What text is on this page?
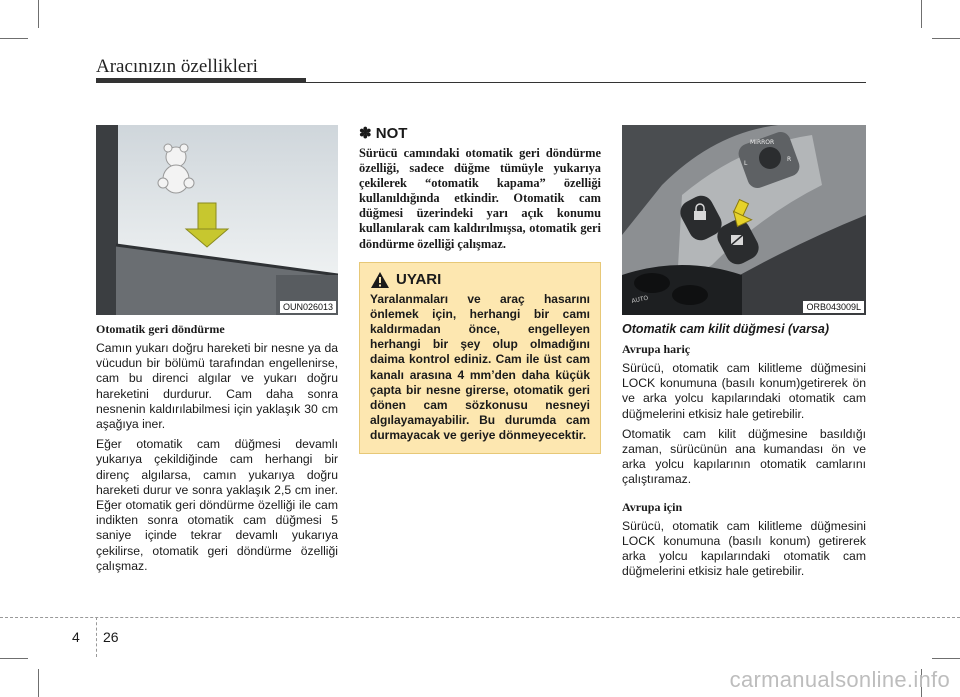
Aracınızın özellikleri
OUN026013
Otomatik geri döndürme
Camın yukarı doğru hareketi bir nesne ya da vücudun bir bölümü tarafından engellenirse, cam bu direnci algılar ve yukarı doğru hareketini durdurur. Cam daha sonra nesnenin kaldırılabilmesi için yaklaşık 30 cm aşağıya iner.
Eğer otomatik cam düğmesi devamlı yukarıya çekildiğinde cam herhangi bir direnç algılarsa, camın yukarıya doğru hareketi durur ve sonra yaklaşık 2,5 cm iner. Eğer otomatik geri döndürme özelliği ile cam indikten sonra otomatik cam düğmesi 5 saniye içinde tekrar devamlı yukarıya çekilirse, otomatik geri döndürme özelliği çalışmaz.
✽ NOT
Sürücü camındaki otomatik geri döndürme özelliği, sadece düğme tümüyle yukarıya çekilerek “otomatik kapama” özelliği kullanıldığında etkindir. Otomatik cam düğmesi üzerindeki yarı açık konumu kullanılarak cam kaldırılmışsa, otomatik geri döndürme özelliği çalışmaz.
UYARI
Yaralanmaları ve araç hasarını önlemek için, herhangi bir camı kaldırmadan önce, engelleyen herhangi bir şey olup olmadığını daima kontrol ediniz. Cam ile üst cam kanalı arasına 4 mm’den daha küçük çapta bir nesne girerse, otomatik geri dönen cam sözkonusu nesneyi algılayamayabilir. Bu durumda cam durmayacak ve geriye dönmeyecektir.
MIRROR
L
R
AUTO
ORB043009L
Otomatik cam kilit düğmesi (varsa)
Avrupa hariç
Sürücü, otomatik cam kilitleme düğmesini LOCK konumuna (basılı konum)getirerek ön ve arka yolcu kapılarındaki otomatik cam düğmelerini etkisiz hale getirebilir.
Otomatik cam kilit düğmesine basıldığı zaman, sürücünün ana kumandası ön ve arka yolcu kapılarının otomatik camlarını çalıştıramaz.
Avrupa için
Sürücü, otomatik cam kilitleme düğmesini LOCK konumuna (basılı konum) getirerek arka yolcu kapılarındaki otomatik cam düğmelerini etkisiz hale getirebilir.
4 26
carmanualsonline.info
